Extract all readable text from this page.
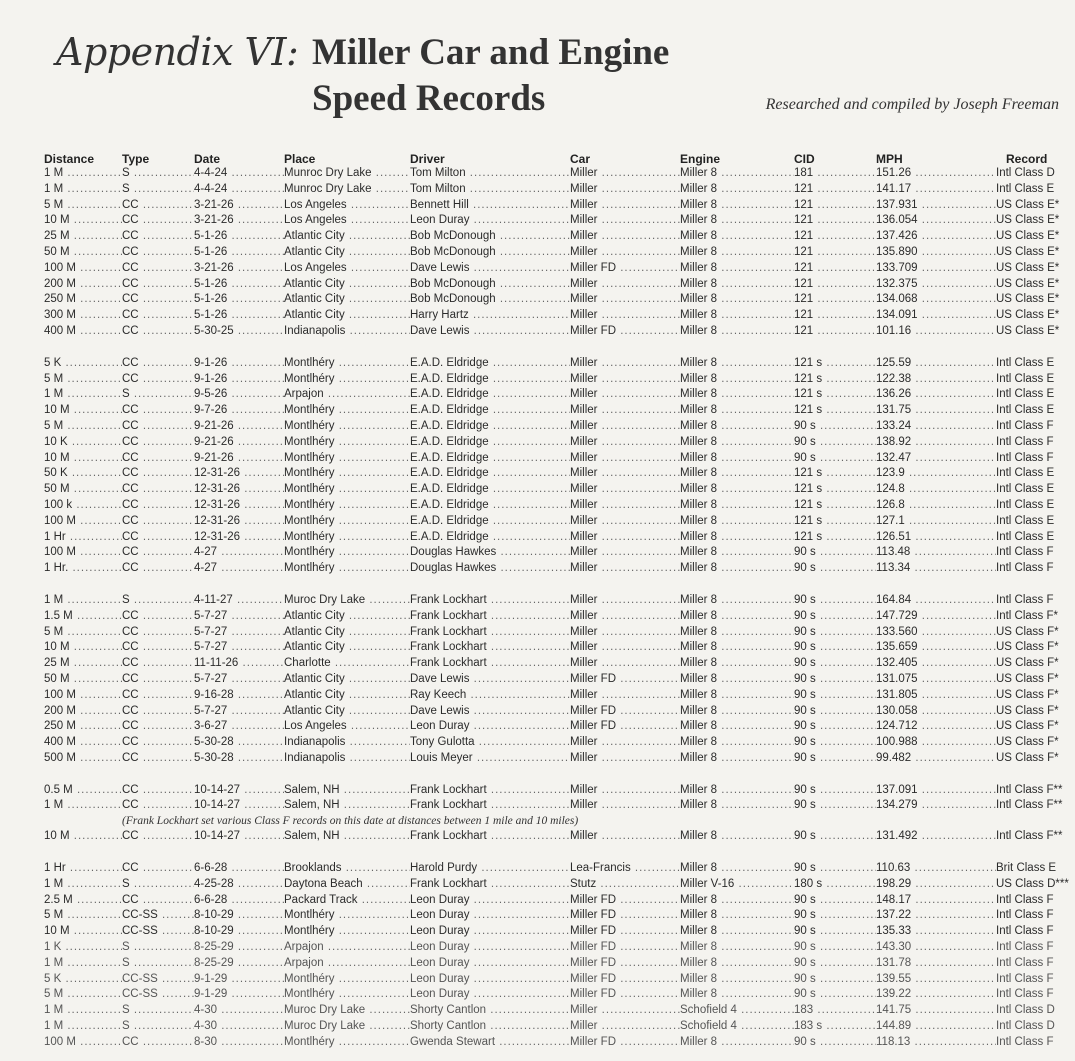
Appendix VI: Miller Car and Engine
Speed Records	Researched and compiled by Joseph Freeman
Distance	Type	Date	Place	Driver	Car	Engine	CID	MPH	Record
1 M .....	S .....	4-4-24 .....	Munroc Dry Lake .....	Tom Milton .....	Miller .....	Miller 8 .....	181 .....	151.26 .....	Intl Class D
1 M .....	S .....	4-4-24 .....	Munroc Dry Lake .....	Tom Milton .....	Miller .....	Miller 8 .....	121 .....	141.17 .....	Intl Class E
5 M .....	CC .....	3-21-26 .....	Los Angeles .....	Bennett Hill .....	Miller .....	Miller 8 .....	121 .....	137.931 .....	US Class E*
10 M .....	CC .....	3-21-26 .....	Los Angeles .....	Leon Duray .....	Miller .....	Miller 8 .....	121 .....	136.054 .....	US Class E*
25 M .....	CC .....	5-1-26 .....	Atlantic City .....	Bob McDonough .....	Miller .....	Miller 8 .....	121 .....	137.426 .....	US Class E*
50 M .....	CC .....	5-1-26 .....	Atlantic City .....	Bob McDonough .....	Miller .....	Miller 8 .....	121 .....	135.890 .....	US Class E*
100 M .....	CC .....	3-21-26 .....	Los Angeles .....	Dave Lewis .....	Miller FD .....	Miller 8 .....	121 .....	133.709 .....	US Class E*
200 M .....	CC .....	5-1-26 .....	Atlantic City .....	Bob McDonough .....	Miller .....	Miller 8 .....	121 .....	132.375 .....	US Class E*
250 M .....	CC .....	5-1-26 .....	Atlantic City .....	Bob McDonough .....	Miller .....	Miller 8 .....	121 .....	134.068 .....	US Class E*
300 M .....	CC .....	5-1-26 .....	Atlantic City .....	Harry Hartz .....	Miller .....	Miller 8 .....	121 .....	134.091 .....	US Class E*
400 M .....	CC .....	5-30-25 .....	Indianapolis .....	Dave Lewis .....	Miller FD .....	Miller 8 .....	121 .....	101.16 .....	US Class E*
5 K .....	CC .....	9-1-26 .....	Montlhéry .....	E.A.D. Eldridge .....	Miller .....	Miller 8 .....	121 s .....	125.59 .....	Intl Class E
5 M .....	CC .....	9-1-26 .....	Montlhéry .....	E.A.D. Eldridge .....	Miller .....	Miller 8 .....	121 s .....	122.38 .....	Intl Class E
1 M .....	S .....	9-5-26 .....	Arpajon .....	E.A.D. Eldridge .....	Miller .....	Miller 8 .....	121 s .....	136.26 .....	Intl Class E
10 M .....	CC .....	9-7-26 .....	Montlhéry .....	E.A.D. Eldridge .....	Miller .....	Miller 8 .....	121 s .....	131.75 .....	Intl Class E
5 M .....	CC .....	9-21-26 .....	Montlhéry .....	E.A.D. Eldridge .....	Miller .....	Miller 8 .....	90 s .....	133.24 .....	Intl Class F
10 K .....	CC .....	9-21-26 .....	Montlhéry .....	E.A.D. Eldridge .....	Miller .....	Miller 8 .....	90 s .....	138.92 .....	Intl Class F
10 M .....	CC .....	9-21-26 .....	Montlhéry .....	E.A.D. Eldridge .....	Miller .....	Miller 8 .....	90 s .....	132.47 .....	Intl Class F
50 K .....	CC .....	12-31-26 .....	Montlhéry .....	E.A.D. Eldridge .....	Miller .....	Miller 8 .....	121 s .....	123.9 .....	Intl Class E
50 M .....	CC .....	12-31-26 .....	Montlhéry .....	E.A.D. Eldridge .....	Miller .....	Miller 8 .....	121 s .....	124.8 .....	Intl Class E
100 k .....	CC .....	12-31-26 .....	Montlhéry .....	E.A.D. Eldridge .....	Miller .....	Miller 8 .....	121 s .....	126.8 .....	Intl Class E
100 M .....	CC .....	12-31-26 .....	Montlhéry .....	E.A.D. Eldridge .....	Miller .....	Miller 8 .....	121 s .....	127.1 .....	Intl Class E
1 Hr .....	CC .....	12-31-26 .....	Montlhéry .....	E.A.D. Eldridge .....	Miller .....	Miller 8 .....	121 s .....	126.51 .....	Intl Class E
100 M .....	CC .....	4-27 .....	Montlhéry .....	Douglas Hawkes .....	Miller .....	Miller 8 .....	90 s .....	113.48 .....	Intl Class F
1 Hr. .....	CC .....	4-27 .....	Montlhéry .....	Douglas Hawkes .....	Miller .....	Miller 8 .....	90 s .....	113.34 .....	Intl Class F
1 M .....	S .....	4-11-27 .....	Muroc Dry Lake .....	Frank Lockhart .....	Miller .....	Miller 8 .....	90 s .....	164.84 .....	Intl Class F
1.5 M .....	CC .....	5-7-27 .....	Atlantic City .....	Frank Lockhart .....	Miller .....	Miller 8 .....	90 s .....	147.729 .....	Intl Class F*
5 M .....	CC .....	5-7-27 .....	Atlantic City .....	Frank Lockhart .....	Miller .....	Miller 8 .....	90 s .....	133.560 .....	US Class F*
10 M .....	CC .....	5-7-27 .....	Atlantic City .....	Frank Lockhart .....	Miller .....	Miller 8 .....	90 s .....	135.659 .....	US Class F*
25 M .....	CC .....	11-11-26 .....	Charlotte .....	Frank Lockhart .....	Miller .....	Miller 8 .....	90 s .....	132.405 .....	US Class F*
50 M .....	CC .....	5-7-27 .....	Atlantic City .....	Dave Lewis .....	Miller FD .....	Miller 8 .....	90 s .....	131.075 .....	US Class F*
100 M .....	CC .....	9-16-28 .....	Atlantic City .....	Ray Keech .....	Miller .....	Miller 8 .....	90 s .....	131.805 .....	US Class F*
200 M .....	CC .....	5-7-27 .....	Atlantic City .....	Dave Lewis .....	Miller FD .....	Miller 8 .....	90 s .....	130.058 .....	US Class F*
250 M .....	CC .....	3-6-27 .....	Los Angeles .....	Leon Duray .....	Miller FD .....	Miller 8 .....	90 s .....	124.712 .....	US Class F*
400 M .....	CC .....	5-30-28 .....	Indianapolis .....	Tony Gulotta .....	Miller .....	Miller 8 .....	90 s .....	100.988 .....	US Class F*
500 M .....	CC .....	5-30-28 .....	Indianapolis .....	Louis Meyer .....	Miller .....	Miller 8 .....	90 s .....	99.482 .....	US Class F*
0.5 M .....	CC .....	10-14-27 .....	Salem, NH .....	Frank Lockhart .....	Miller .....	Miller 8 .....	90 s .....	137.091 .....	Intl Class F**
1 M .....	CC .....	10-14-27 .....	Salem, NH .....	Frank Lockhart .....	Miller .....	Miller 8 .....	90 s .....	134.279 .....	Intl Class F**
(Frank Lockhart set various Class F records on this date at distances between 1 mile and 10 miles)
10 M .....	CC .....	10-14-27 .....	Salem, NH .....	Frank Lockhart .....	Miller .....	Miller 8 .....	90 s .....	131.492 .....	Intl Class F**
1 Hr .....	CC .....	6-6-28 .....	Brooklands .....	Harold Purdy .....	Lea-Francis .....	Miller 8 .....	90 s .....	110.63 .....	Brit Class E
1 M .....	S .....	4-25-28 .....	Daytona Beach .....	Frank Lockhart .....	Stutz .....	Miller V-16 .....	180 s .....	198.29 .....	US Class D***
2.5 M .....	CC .....	6-6-28 .....	Packard Track .....	Leon Duray .....	Miller FD .....	Miller 8 .....	90 s .....	148.17 .....	Intl Class F
5 M .....	CC-SS .....	8-10-29 .....	Montlhéry .....	Leon Duray .....	Miller FD .....	Miller 8 .....	90 s .....	137.22 .....	Intl Class F
10 M .....	CC-SS .....	8-10-29 .....	Montlhéry .....	Leon Duray .....	Miller FD .....	Miller 8 .....	90 s .....	135.33 .....	Intl Class F
1 K .....	S .....	8-25-29 .....	Arpajon .....	Leon Duray .....	Miller FD .....	Miller 8 .....	90 s .....	143.30 .....	Intl Class F
1 M .....	S .....	8-25-29 .....	Arpajon .....	Leon Duray .....	Miller FD .....	Miller 8 .....	90 s .....	131.78 .....	Intl Class F
5 K .....	CC-SS .....	9-1-29 .....	Montlhéry .....	Leon Duray .....	Miller FD .....	Miller 8 .....	90 s .....	139.55 .....	Intl Class F
5 M .....	CC-SS .....	9-1-29 .....	Montlhéry .....	Leon Duray .....	Miller FD .....	Miller 8 .....	90 s .....	139.22 .....	Intl Class F
1 M .....	S .....	4-30 .....	Muroc Dry Lake .....	Shorty Cantlon .....	Miller .....	Schofield 4 .....	183 .....	141.75 .....	Intl Class D
1 M .....	S .....	4-30 .....	Muroc Dry Lake .....	Shorty Cantlon .....	Miller .....	Schofield 4 .....	183 s .....	144.89 .....	Intl Class D
100 M .....	CC .....	8-30 .....	Montlhéry .....	Gwenda Stewart .....	Miller FD .....	Miller 8 .....	90 s .....	118.13 .....	Intl Class F
